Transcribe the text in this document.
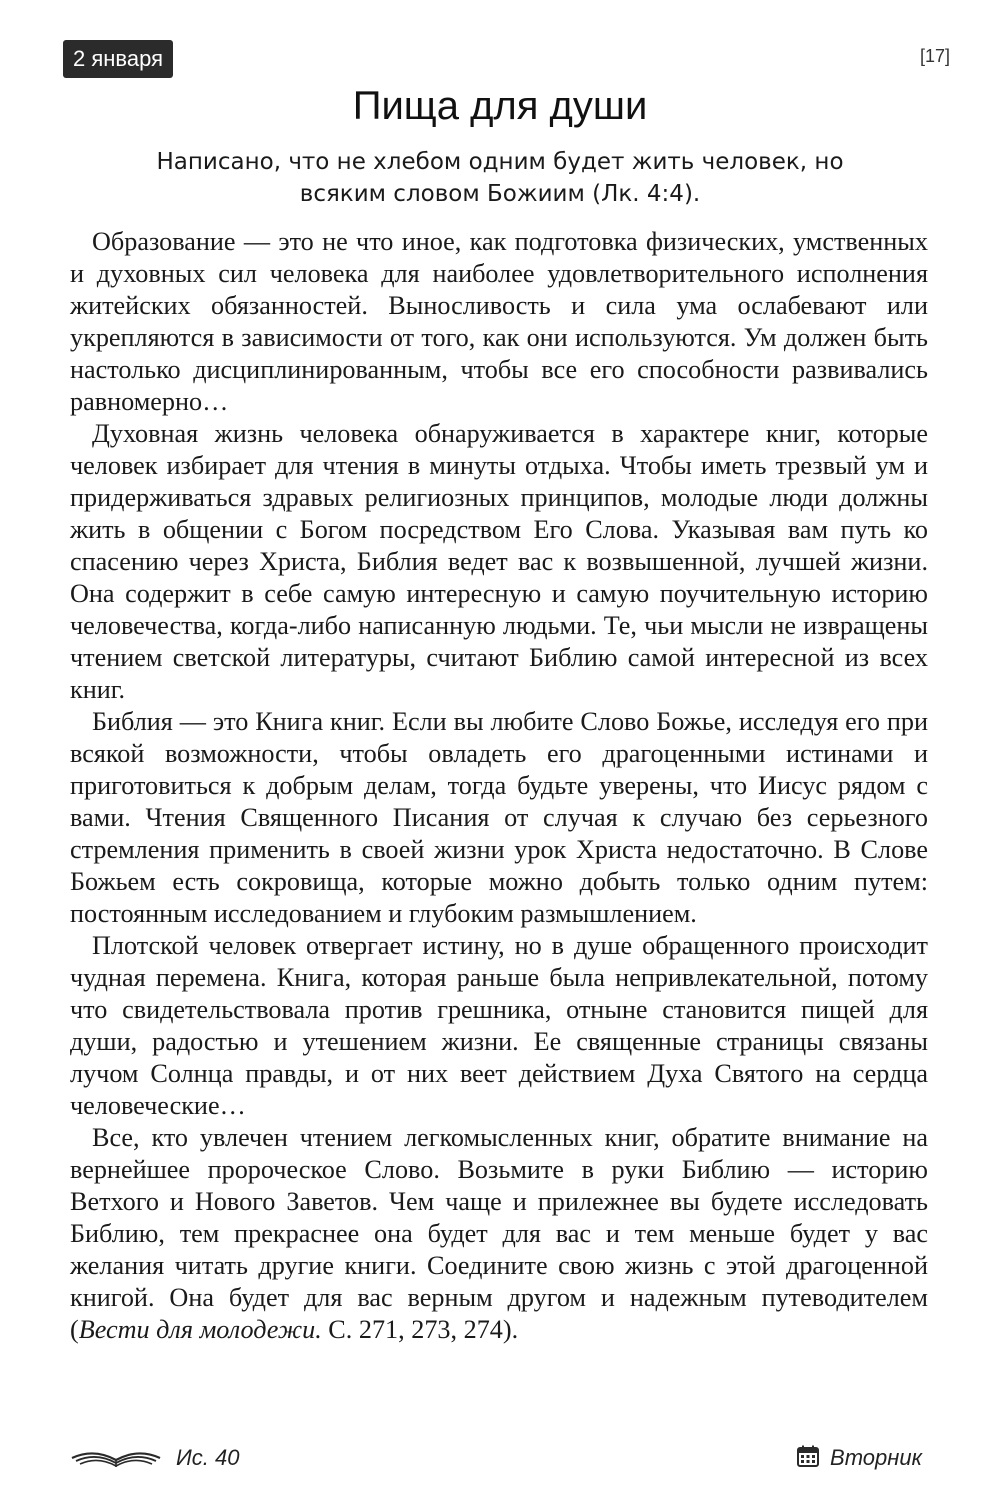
2 января	[17]
Пища для души
Написано, что не хлебом одним будет жить человек, но всяким словом Божиим (Лк. 4:4).

Образование — это не что иное, как подготовка физических, умственных и духовных сил человека для наиболее удовлетворительного исполнения житейских обязанностей. Выносливость и сила ума ослабевают или укрепляются в зависимости от того, как они используются. Ум должен быть настолько дисциплинированным, чтобы все его способности развивались равномерно…

Духовная жизнь человека обнаруживается в характере книг, которые человек избирает для чтения в минуты отдыха. Чтобы иметь трезвый ум и придерживаться здравых религиозных принципов, молодые люди должны жить в общении с Богом посредством Его Слова. Указывая вам путь ко спасению через Христа, Библия ведет вас к возвышенной, лучшей жизни. Она содержит в себе самую интересную и самую поучительную историю человечества, когда-либо написанную людьми. Те, чьи мысли не извращены чтением светской литературы, считают Библию самой интересной из всех книг.

Библия — это Книга книг. Если вы любите Слово Божье, исследуя его при всякой возможности, чтобы овладеть его драгоценными истинами и приготовиться к добрым делам, тогда будьте уверены, что Иисус рядом с вами. Чтения Священного Писания от случая к случаю без серьезного стремления применить в своей жизни урок Христа недостаточно. В Слове Божьем есть сокровища, которые можно добыть только одним путем: постоянным исследованием и глубоким размышлением.

Плотской человек отвергает истину, но в душе обращенного происходит чудная перемена. Книга, которая раньше была непривлекательной, потому что свидетельствовала против грешника, отныне становится пищей для души, радостью и утешением жизни. Ее священные страницы связаны лучом Солнца правды, и от них веет действием Духа Святого на сердца человеческие…

Все, кто увлечен чтением легкомысленных книг, обратите внимание на вернейшее пророческое Слово. Возьмите в руки Библию — историю Ветхого и Нового Заветов. Чем чаще и прилежнее вы будете исследовать Библию, тем прекраснее она будет для вас и тем меньше будет у вас желания читать другие книги. Соедините свою жизнь с этой драгоценной книгой. Она будет для вас верным другом и надежным путеводителем (Вести для молодежи. С. 271, 273, 274).

Ис. 40	Вторник
